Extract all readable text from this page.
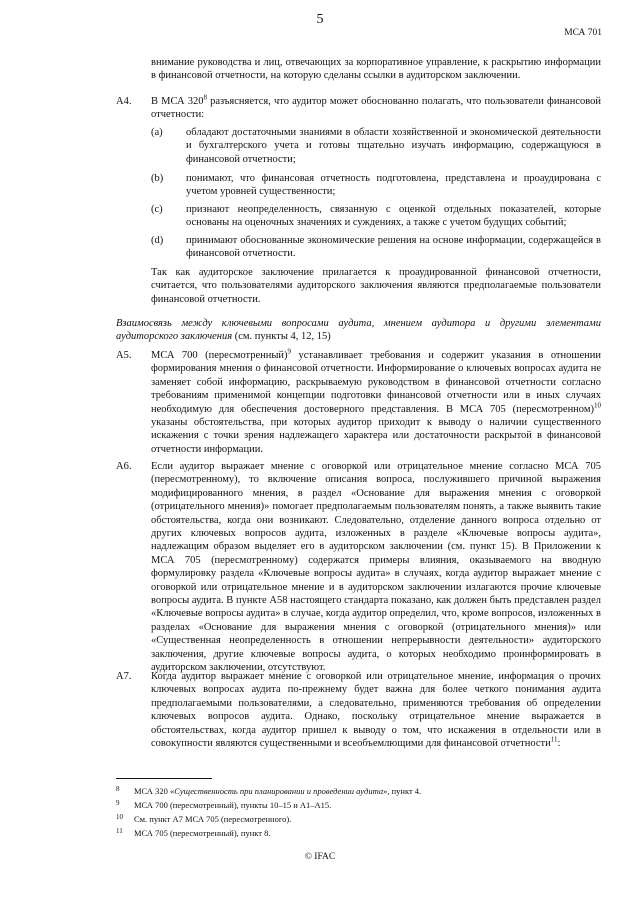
5
МСА 701
внимание руководства и лиц, отвечающих за корпоративное управление, к раскрытию информации в финансовой отчетности, на которую сделаны ссылки в аудиторском заключении.
A4. В МСА $320^8$ разъясняется, что аудитор может обоснованно полагать, что пользователи финансовой отчетности:
(a) обладают достаточными знаниями в области хозяйственной и экономической деятельности и бухгалтерского учета и готовы тщательно изучать информацию, содержащуюся в финансовой отчетности;
(b) понимают, что финансовая отчетность подготовлена, представлена и проаудирована с учетом уровней существенности;
(c) признают неопределенность, связанную с оценкой отдельных показателей, которые основаны на оценочных значениях и суждениях, а также с учетом будущих событий;
(d) принимают обоснованные экономические решения на основе информации, содержащейся в финансовой отчетности.
Так как аудиторское заключение прилагается к проаудированной финансовой отчетности, считается, что пользователями аудиторского заключения являются предполагаемые пользователи финансовой отчетности.
Взаимосвязь между ключевыми вопросами аудита, мнением аудитора и другими элементами аудиторского заключения (см. пункты 4, 12, 15)
A5. МСА 700 (пересмотренный)$^9$ устанавливает требования и содержит указания в отношении формирования мнения о финансовой отчетности. Информирование о ключевых вопросах аудита не заменяет собой информацию, раскрываемую руководством в финансовой отчетности согласно требованиям применимой концепции подготовки финансовой отчетности или в иных случаях необходимую для обеспечения достоверного представления. В МСА 705 (пересмотренном)$^{10}$ указаны обстоятельства, при которых аудитор приходит к выводу о наличии существенного искажения с точки зрения надлежащего характера или достаточности раскрытой в финансовой отчетности информации.
A6. Если аудитор выражает мнение с оговоркой или отрицательное мнение согласно МСА 705 (пересмотренному), то включение описания вопроса, послужившего причиной выражения модифицированного мнения, в раздел «Основание для выражения мнения с оговоркой (отрицательного мнения)» помогает предполагаемым пользователям понять, а также выявить такие обстоятельства, когда они возникают. Следовательно, отделение данного вопроса отдельно от других ключевых вопросов аудита, изложенных в разделе «Ключевые вопросы аудита», надлежащим образом выделяет его в аудиторском заключении (см. пункт 15). В Приложении к МСА 705 (пересмотренному) содержатся примеры влияния, оказываемого на вводную формулировку раздела «Ключевые вопросы аудита» в случаях, когда аудитор выражает мнение с оговоркой или отрицательное мнение и в аудиторском заключении излагаются прочие ключевые вопросы аудита. В пункте А58 настоящего стандарта показано, как должен быть представлен раздел «Ключевые вопросы аудита» в случае, когда аудитор определил, что, кроме вопросов, изложенных в разделах «Основание для выражения мнения с оговоркой (отрицательного мнения)» или «Существенная неопределенность в отношении непрерывности деятельности» аудиторского заключения, другие ключевые вопросы аудита, о которых необходимо проинформировать в аудиторском заключении, отсутствуют.
A7. Когда аудитор выражает мнение с оговоркой или отрицательное мнение, информация о прочих ключевых вопросах аудита по-прежнему будет важна для более четкого понимания аудита предполагаемыми пользователями, а следовательно, применяются требования об определении ключевых вопросов аудита. Однако, поскольку отрицательное мнение выражается в обстоятельствах, когда аудитор пришел к выводу о том, что искажения в отдельности или в совокупности являются существенными и всеобъемлющими для финансовой отчетности$^{11}$:
8 МСА 320 «Существенность при планировании и проведении аудита», пункт 4.
9 МСА 700 (пересмотренный), пункты 10–15 и А1–А15.
10 См. пункт А7 МСА 705 (пересмотренного).
11 МСА 705 (пересмотренный), пункт 8.
© IFAC
